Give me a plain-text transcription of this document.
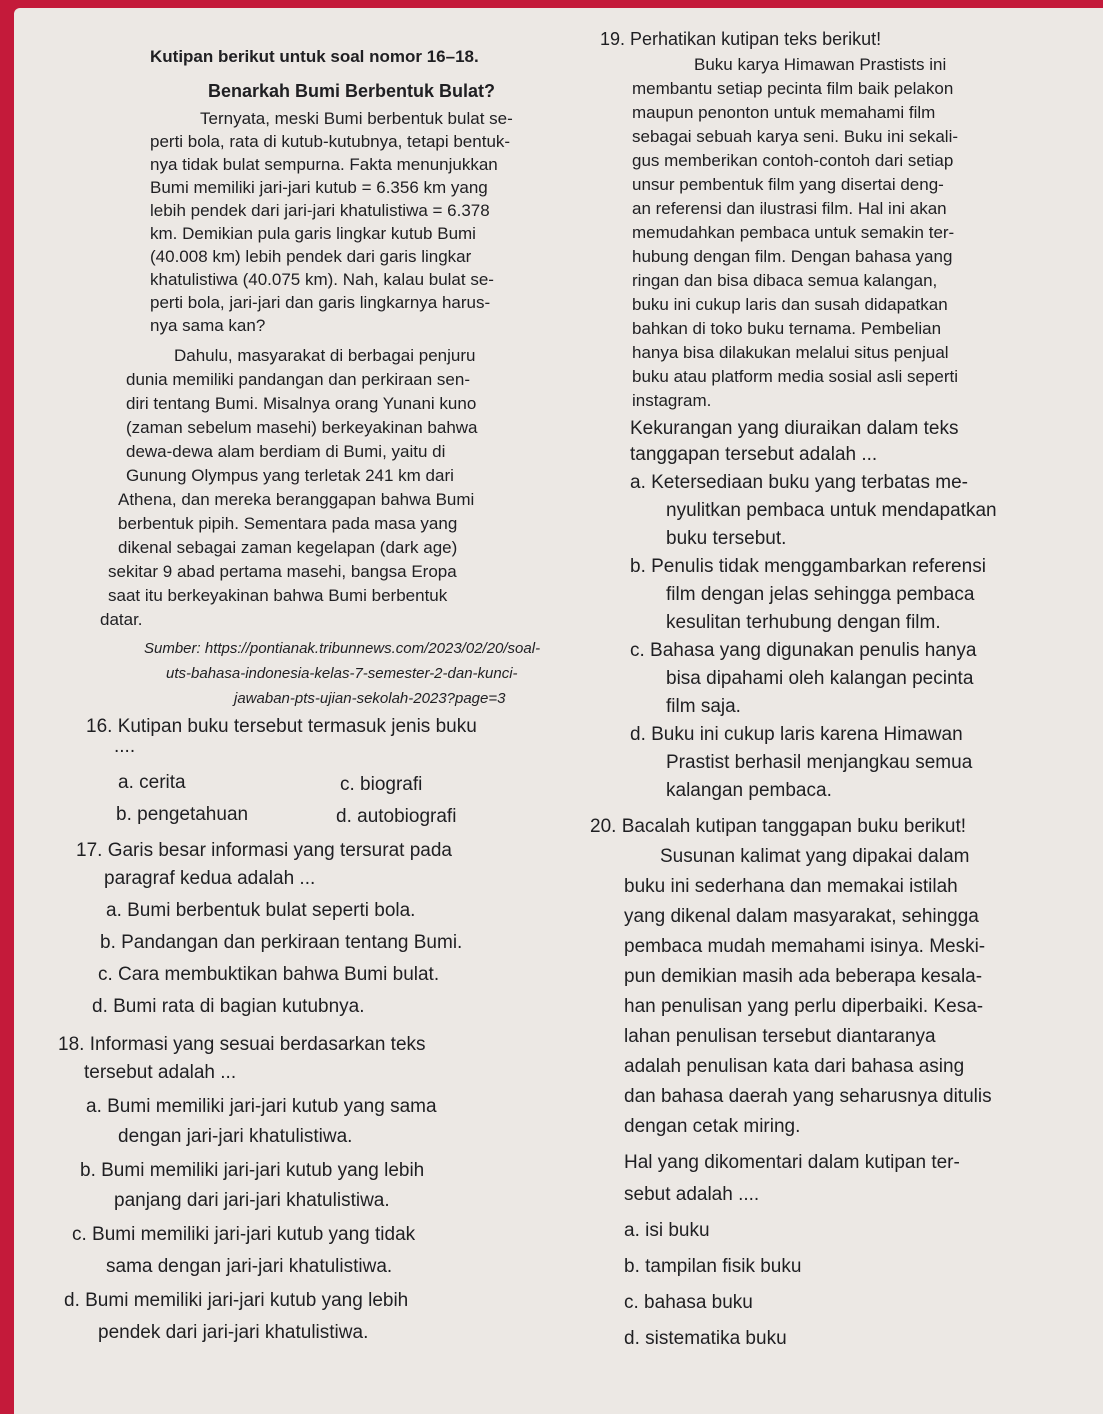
Kutipan berikut untuk soal nomor 16–18.
Benarkah Bumi Berbentuk Bulat?
Ternyata, meski Bumi berbentuk bulat se-
perti bola, rata di kutub-kutubnya, tetapi bentuk-
nya tidak bulat sempurna. Fakta menunjukkan
Bumi memiliki jari-jari kutub = 6.356 km yang
lebih pendek dari jari-jari khatulistiwa = 6.378
km. Demikian pula garis lingkar kutub Bumi
(40.008 km) lebih pendek dari garis lingkar
khatulistiwa (40.075 km). Nah, kalau bulat se-
perti bola, jari-jari dan garis lingkarnya harus-
nya sama kan?
Dahulu, masyarakat di berbagai penjuru
dunia memiliki pandangan dan perkiraan sen-
diri tentang Bumi. Misalnya orang Yunani kuno
(zaman sebelum masehi) berkeyakinan bahwa
dewa-dewa alam berdiam di Bumi, yaitu di
Gunung Olympus yang terletak 241 km dari
Athena, dan mereka beranggapan bahwa Bumi
berbentuk pipih. Sementara pada masa yang
dikenal sebagai zaman kegelapan (dark age)
sekitar 9 abad pertama masehi, bangsa Eropa
saat itu berkeyakinan bahwa Bumi berbentuk
datar.
Sumber: https://pontianak.tribunnews.com/2023/02/20/soal-
uts-bahasa-indonesia-kelas-7-semester-2-dan-kunci-
jawaban-pts-ujian-sekolah-2023?page=3
16. Kutipan buku tersebut termasuk jenis buku
....
a. cerita	c. biografi
b. pengetahuan	d. autobiografi
17. Garis besar informasi yang tersurat pada
paragraf kedua adalah ...
a. Bumi berbentuk bulat seperti bola.
b. Pandangan dan perkiraan tentang Bumi.
c. Cara membuktikan bahwa Bumi bulat.
d. Bumi rata di bagian kutubnya.
18. Informasi yang sesuai berdasarkan teks
tersebut adalah ...
a. Bumi memiliki jari-jari kutub yang sama
dengan jari-jari khatulistiwa.
b. Bumi memiliki jari-jari kutub yang lebih
panjang dari jari-jari khatulistiwa.
c. Bumi memiliki jari-jari kutub yang tidak
sama dengan jari-jari khatulistiwa.
d. Bumi memiliki jari-jari kutub yang lebih
pendek dari jari-jari khatulistiwa.
19. Perhatikan kutipan teks berikut!
Buku karya Himawan Prastists ini
membantu setiap pecinta film baik pelakon
maupun penonton untuk memahami film
sebagai sebuah karya seni. Buku ini sekali-
gus memberikan contoh-contoh dari setiap
unsur pembentuk film yang disertai deng-
an referensi dan ilustrasi film. Hal ini akan
memudahkan pembaca untuk semakin ter-
hubung dengan film. Dengan bahasa yang
ringan dan bisa dibaca semua kalangan,
buku ini cukup laris dan susah didapatkan
bahkan di toko buku ternama. Pembelian
hanya bisa dilakukan melalui situs penjual
buku atau platform media sosial asli seperti
instagram.
Kekurangan yang diuraikan dalam teks
tanggapan tersebut adalah ...
a. Ketersediaan buku yang terbatas me-
nyulitkan pembaca untuk mendapatkan
buku tersebut.
b. Penulis tidak menggambarkan referensi
film dengan jelas sehingga pembaca
kesulitan terhubung dengan film.
c. Bahasa yang digunakan penulis hanya
bisa dipahami oleh kalangan pecinta
film saja.
d. Buku ini cukup laris karena Himawan
Prastist berhasil menjangkau semua
kalangan pembaca.
20. Bacalah kutipan tanggapan buku berikut!
Susunan kalimat yang dipakai dalam
buku ini sederhana dan memakai istilah
yang dikenal dalam masyarakat, sehingga
pembaca mudah memahami isinya. Meski-
pun demikian masih ada beberapa kesala-
han penulisan yang perlu diperbaiki. Kesa-
lahan penulisan tersebut diantaranya
adalah penulisan kata dari bahasa asing
dan bahasa daerah yang seharusnya ditulis
dengan cetak miring.
Hal yang dikomentari dalam kutipan ter-
sebut adalah ....
a. isi buku
b. tampilan fisik buku
c. bahasa buku
d. sistematika buku
